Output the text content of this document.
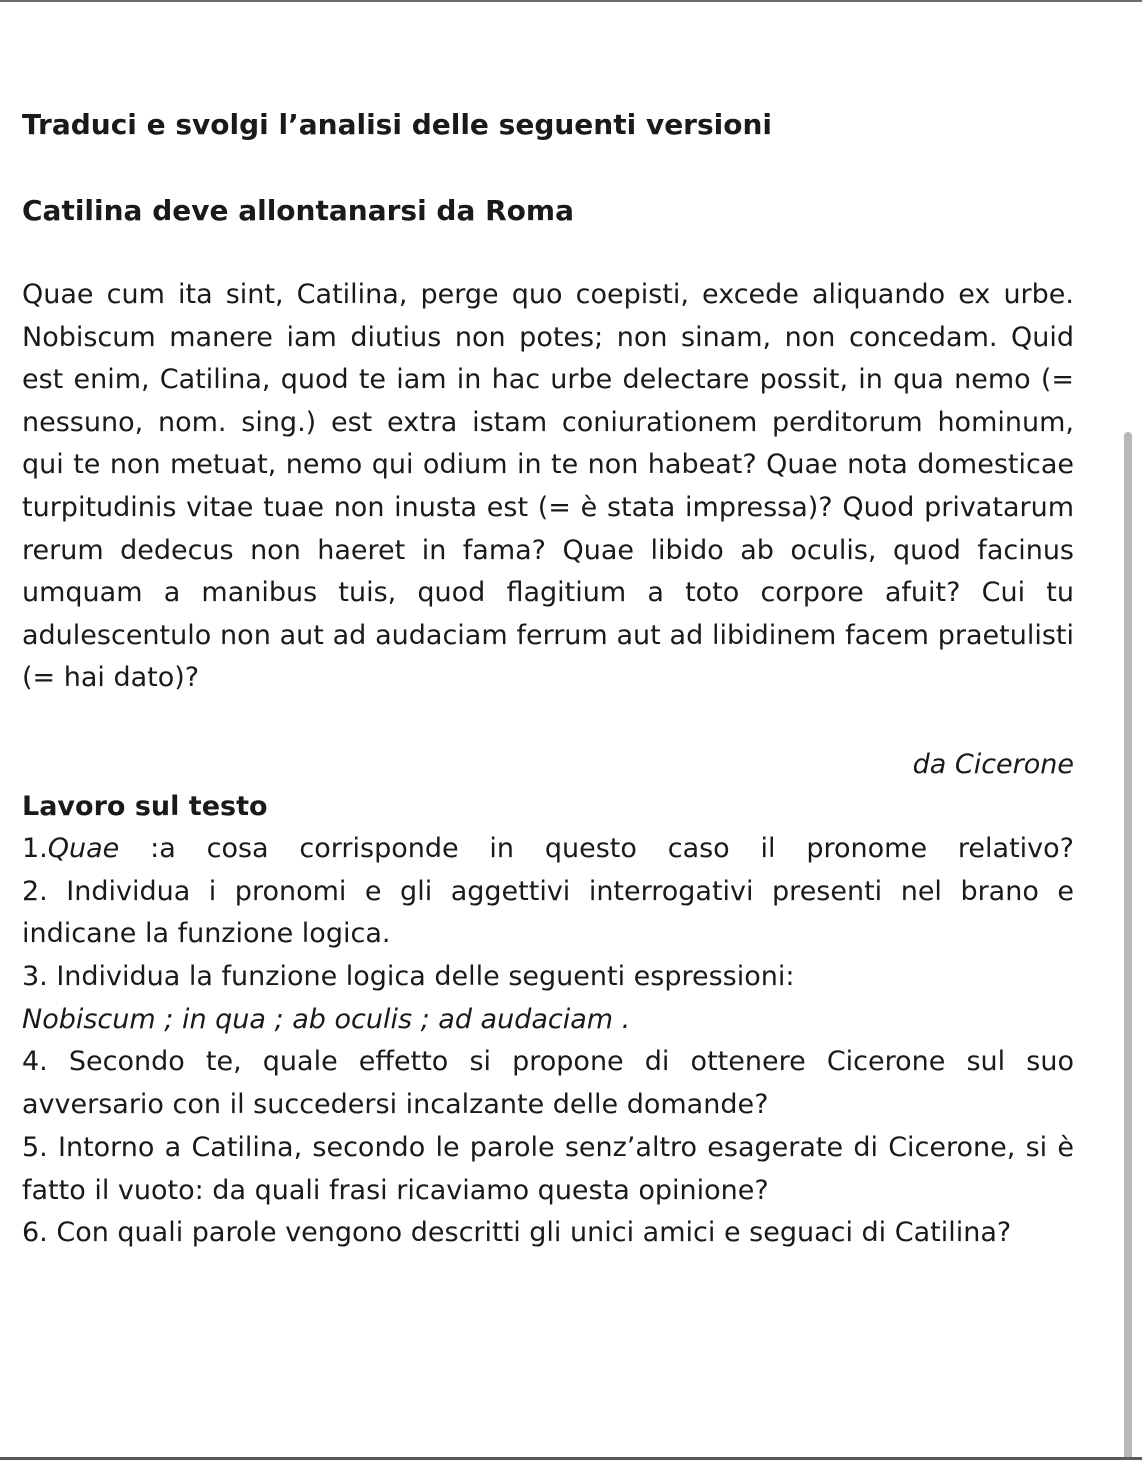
Traduci e svolgi l’analisi delle seguenti versioni
Catilina deve allontanarsi da Roma

Quae cum ita sint, Catilina, perge quo coepisti, excede aliquando ex urbe. Nobiscum manere iam diutius non potes; non sinam, non concedam. Quid est enim, Catilina, quod te iam in hac urbe delectare possit, in qua nemo (= nessuno, nom. sing.) est extra istam coniurationem perditorum hominum, qui te non metuat, nemo qui odium in te non habeat? Quae nota domesticae turpitudinis vitae tuae non inusta est (= è stata impressa)? Quod privatarum rerum dedecus non haeret in fama? Quae libido ab oculis, quod facinus umquam a manibus tuis, quod flagitium a toto corpore afuit? Cui tu adulescentulo non aut ad audaciam ferrum aut ad libidinem facem praetulisti (= hai dato)?

da Cicerone
Lavoro sul testo

1.Quae :a cosa corrisponde in questo caso il pronome relativo?

2. Individua i pronomi e gli aggettivi interrogativi presenti nel brano e indicane la funzione logica.

3. Individua la funzione logica delle seguenti espressioni:

Nobiscum ; in qua ; ab oculis ; ad audaciam .

4. Secondo te, quale effetto si propone di ottenere Cicerone sul suo avversario con il succedersi incalzante delle domande?

5. Intorno a Catilina, secondo le parole senz’altro esagerate di Cicerone, si è fatto il vuoto: da quali frasi ricaviamo questa opinione?

6. Con quali parole vengono descritti gli unici amici e seguaci di Catilina?
